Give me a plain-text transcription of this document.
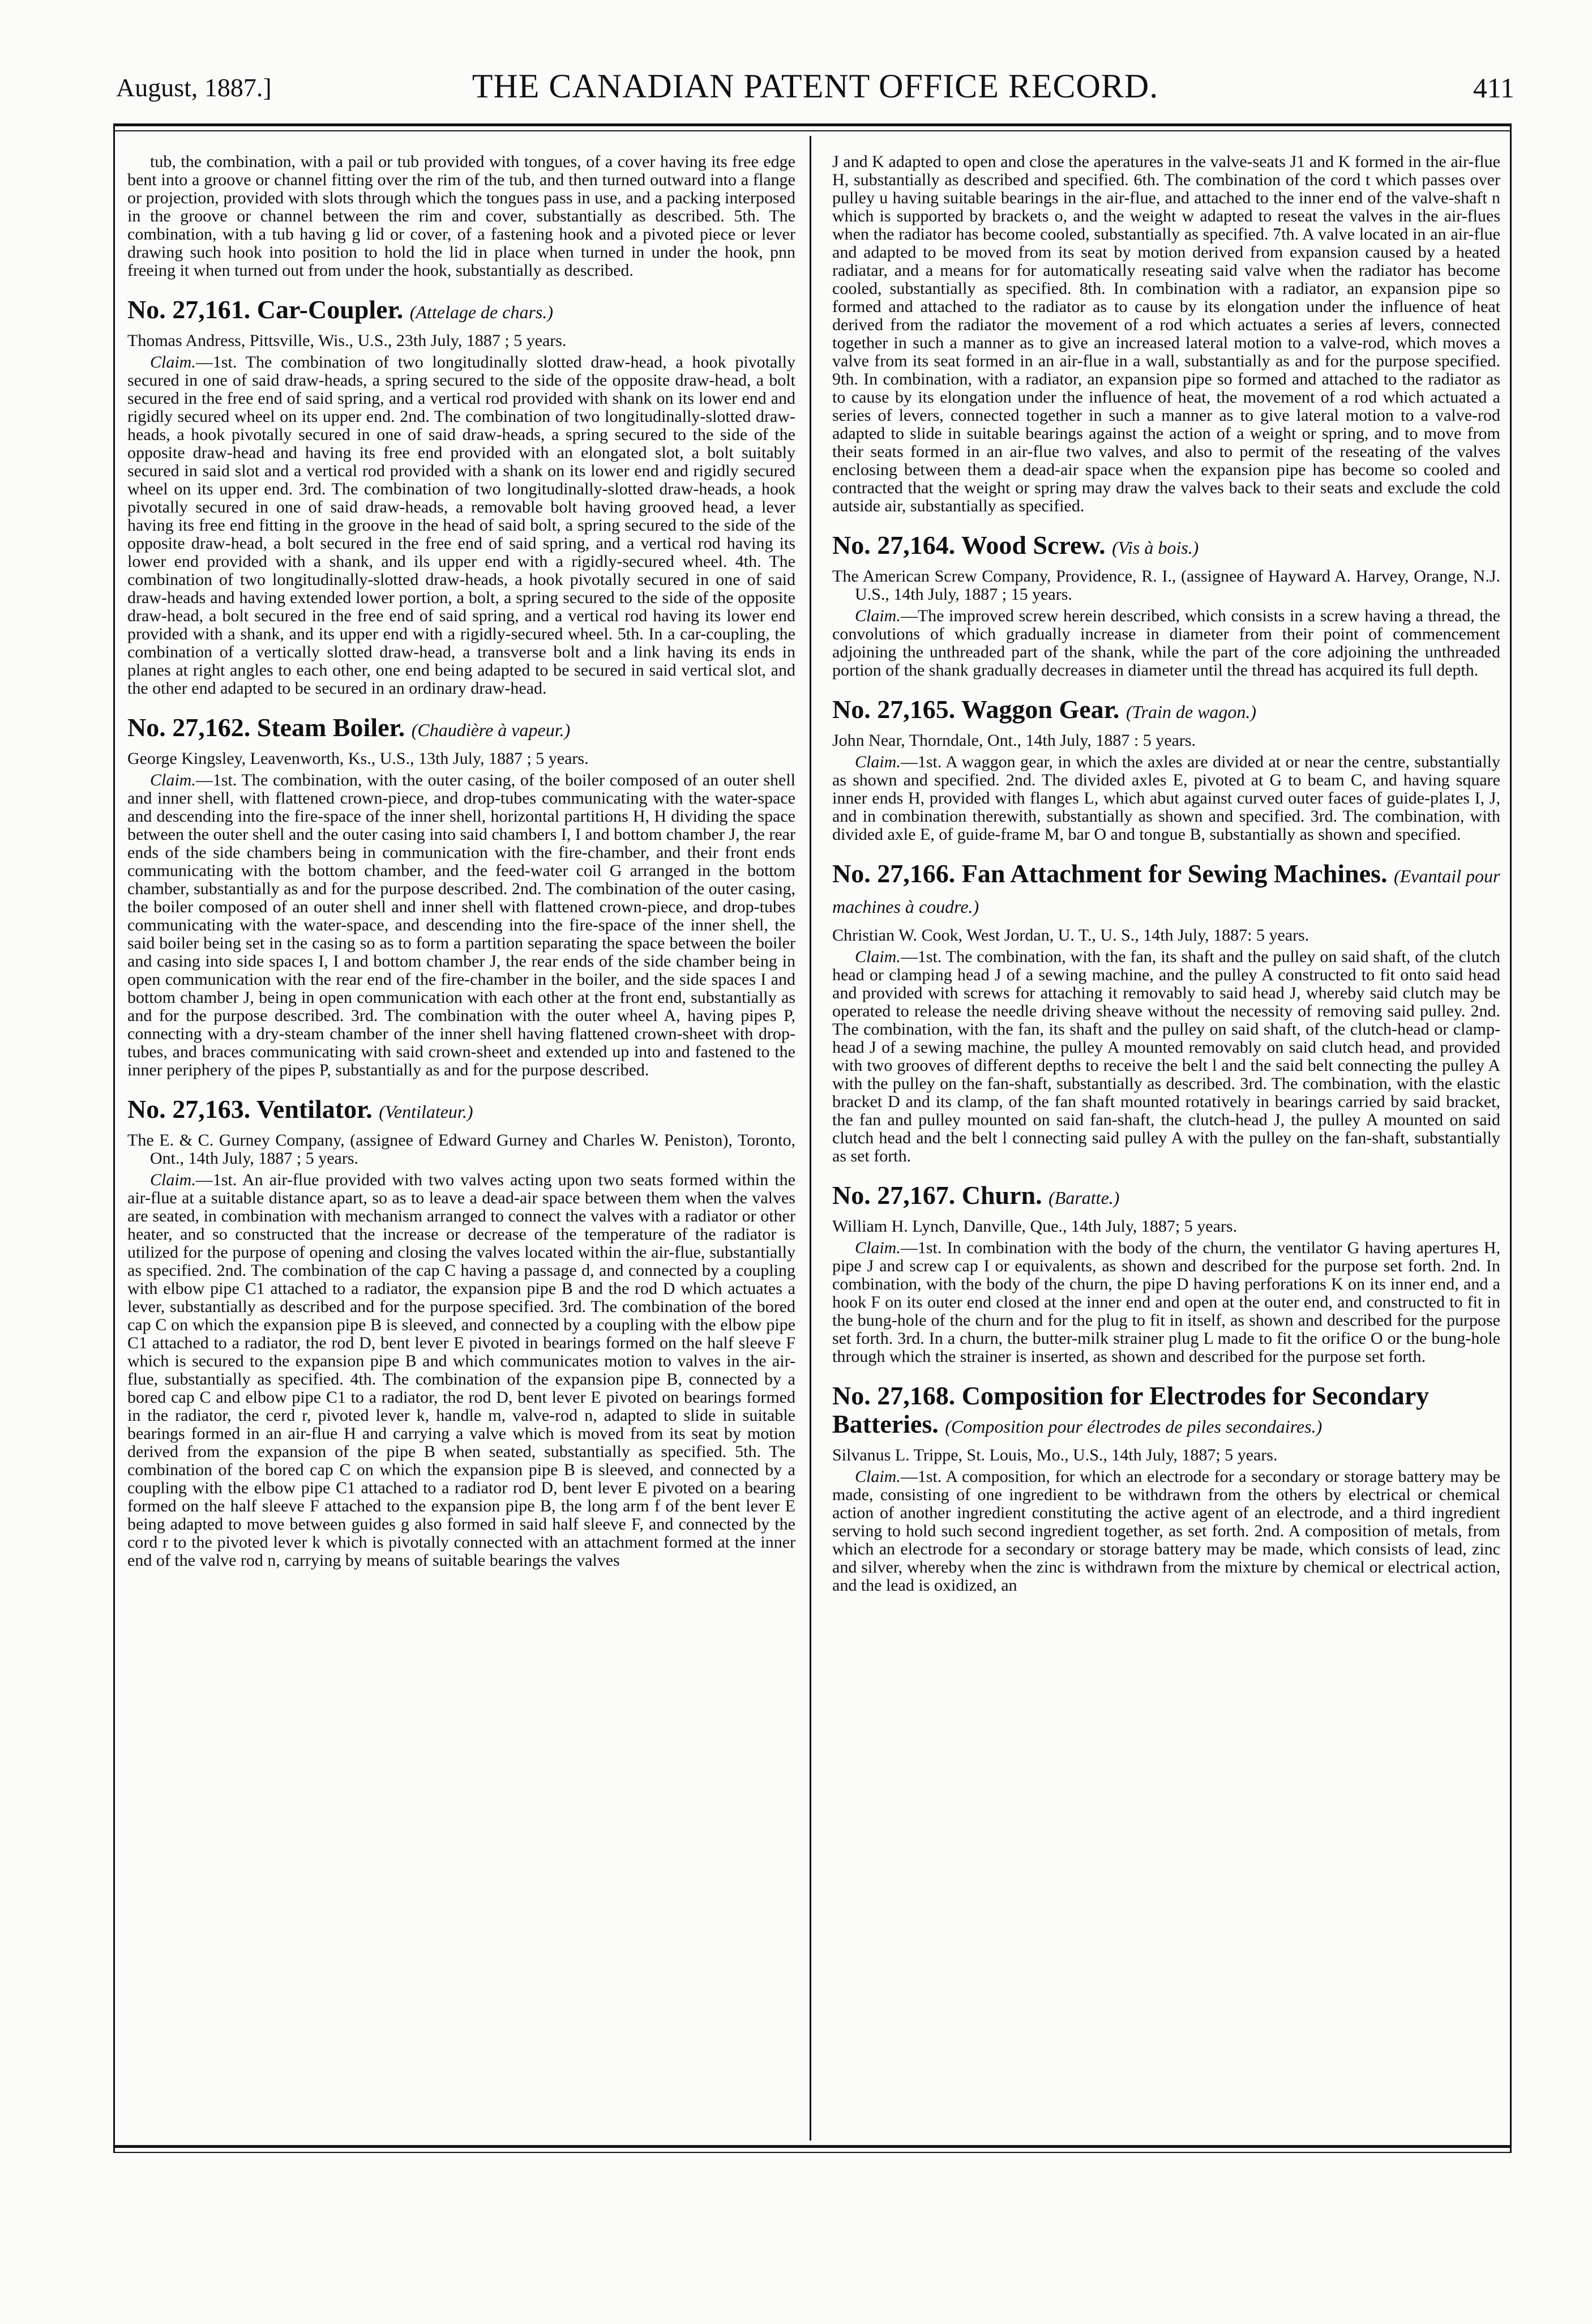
August, 1887.]	THE CANADIAN PATENT OFFICE RECORD.	411

tub, the combination, with a pail or tub provided with tongues, of a cover having its free edge bent into a groove or channel fitting over the rim of the tub, and then turned outward into a flange or projection, provided with slots through which the tongues pass in use, and a packing interposed in the groove or channel between the rim and cover, substantially as described. 5th. The combination, with a tub having g lid or cover, of a fastening hook and a pivoted piece or lever drawing such hook into position to hold the lid in place when turned in under the hook, pnn freeing it when turned out from under the hook, substantially as described.

No. 27,161. Car-Coupler. (Attelage de chars.)

Thomas Andress, Pittsville, Wis., U.S., 23th July, 1887 ; 5 years.

Claim.—1st. The combination of two longitudinally slotted draw-head, a hook pivotally secured in one of said draw-heads, a spring secured to the side of the opposite draw-head, a bolt secured in the free end of said spring, and a vertical rod provided with shank on its lower end and rigidly secured wheel on its upper end. 2nd. The combination of two longitudinally-slotted draw-heads, a hook pivotally secured in one of said draw-heads, a spring secured to the side of the opposite draw-head and having its free end provided with an elongated slot, a bolt suitably secured in said slot and a vertical rod provided with a shank on its lower end and rigidly secured wheel on its upper end. 3rd. The combination of two longitudinally-slotted draw-heads, a hook pivotally secured in one of said draw-heads, a removable bolt having grooved head, a lever having its free end fitting in the groove in the head of said bolt, a spring secured to the side of the opposite draw-head, a bolt secured in the free end of said spring, and a vertical rod having its lower end provided with a shank, and ils upper end with a rigidly-secured wheel. 4th. The combination of two longitudinally-slotted draw-heads, a hook pivotally secured in one of said draw-heads and having extended lower portion, a bolt, a spring secured to the side of the opposite draw-head, a bolt secured in the free end of said spring, and a vertical rod having its lower end provided with a shank, and its upper end with a rigidly-secured wheel. 5th. In a car-coupling, the combination of a vertically slotted draw-head, a transverse bolt and a link having its ends in planes at right angles to each other, one end being adapted to be secured in said vertical slot, and the other end adapted to be secured in an ordinary draw-head.

No. 27,162. Steam Boiler. (Chaudière à vapeur.)

George Kingsley, Leavenworth, Ks., U.S., 13th July, 1887 ; 5 years.

Claim.—1st. The combination, with the outer casing, of the boiler composed of an outer shell and inner shell, with flattened crown-piece, and drop-tubes communicating with the water-space and descending into the fire-space of the inner shell, horizontal partitions H, H dividing the space between the outer shell and the outer casing into said chambers I, I and bottom chamber J, the rear ends of the side chambers being in communication with the fire-chamber, and their front ends communicating with the bottom chamber, and the feed-water coil G arranged in the bottom chamber, substantially as and for the purpose described. 2nd. The combination of the outer casing, the boiler composed of an outer shell and inner shell with flattened crown-piece, and drop-tubes communicating with the water-space, and descending into the fire-space of the inner shell, the said boiler being set in the casing so as to form a partition separating the space between the boiler and casing into side spaces I, I and bottom chamber J, the rear ends of the side chamber being in open communication with the rear end of the fire-chamber in the boiler, and the side spaces I and bottom chamber J, being in open communication with each other at the front end, substantially as and for the purpose described. 3rd. The combination with the outer wheel A, having pipes P, connecting with a dry-steam chamber of the inner shell having flattened crown-sheet with drop-tubes, and braces communicating with said crown-sheet and extended up into and fastened to the inner periphery of the pipes P, substantially as and for the purpose described.

No. 27,163. Ventilator. (Ventilateur.)

The E. & C. Gurney Company, (assignee of Edward Gurney and Charles W. Peniston), Toronto, Ont., 14th July, 1887 ; 5 years.

Claim.—1st. An air-flue provided with two valves acting upon two seats formed within the air-flue at a suitable distance apart, so as to leave a dead-air space between them when the valves are seated, in combination with mechanism arranged to connect the valves with a radiator or other heater, and so constructed that the increase or decrease of the temperature of the radiator is utilized for the purpose of opening and closing the valves located within the air-flue, substantially as specified. 2nd. The combination of the cap C having a passage d, and connected by a coupling with elbow pipe C1 attached to a radiator, the expansion pipe B and the rod D which actuates a lever, substantially as described and for the purpose specified. 3rd. The combination of the bored cap C on which the expansion pipe B is sleeved, and connected by a coupling with the elbow pipe C1 attached to a radiator, the rod D, bent lever E pivoted in bearings formed on the half sleeve F which is secured to the expansion pipe B and which communicates motion to valves in the air-flue, substantially as specified. 4th. The combination of the expansion pipe B, connected by a bored cap C and elbow pipe C1 to a radiator, the rod D, bent lever E pivoted on bearings formed in the radiator, the cerd r, pivoted lever k, handle m, valve-rod n, adapted to slide in suitable bearings formed in an air-flue H and carrying a valve which is moved from its seat by motion derived from the expansion of the pipe B when seated, substantially as specified. 5th. The combination of the bored cap C on which the expansion pipe B is sleeved, and connected by a coupling with the elbow pipe C1 attached to a radiator rod D, bent lever E pivoted on a bearing formed on the half sleeve F attached to the expansion pipe B, the long arm f of the bent lever E being adapted to move between guides g also formed in said half sleeve F, and connected by the cord r to the pivoted lever k which is pivotally connected with an attachment formed at the inner end of the valve rod n, carrying by means of suitable bearings the valves

J and K adapted to open and close the aperatures in the valve-seats J1 and K formed in the air-flue H, substantially as described and specified. 6th. The combination of the cord t which passes over pulley u having suitable bearings in the air-flue, and attached to the inner end of the valve-shaft n which is supported by brackets o, and the weight w adapted to reseat the valves in the air-flues when the radiator has become cooled, substantially as specified. 7th. A valve located in an air-flue and adapted to be moved from its seat by motion derived from expansion caused by a heated radiatar, and a means for for automatically reseating said valve when the radiator has become cooled, substantially as specified. 8th. In combination with a radiator, an expansion pipe so formed and attached to the radiator as to cause by its elongation under the influence of heat derived from the radiator the movement of a rod which actuates a series af levers, connected together in such a manner as to give an increased lateral motion to a valve-rod, which moves a valve from its seat formed in an air-flue in a wall, substantially as and for the purpose specified. 9th. In combination, with a radiator, an expansion pipe so formed and attached to the radiator as to cause by its elongation under the influence of heat, the movement of a rod which actuated a series of levers, connected together in such a manner as to give lateral motion to a valve-rod adapted to slide in suitable bearings against the action of a weight or spring, and to move from their seats formed in an air-flue two valves, and also to permit of the reseating of the valves enclosing between them a dead-air space when the expansion pipe has become so cooled and contracted that the weight or spring may draw the valves back to their seats and exclude the cold autside air, substantially as specified.

No. 27,164. Wood Screw. (Vis à bois.)

The American Screw Company, Providence, R. I., (assignee of Hayward A. Harvey, Orange, N.J. U.S., 14th July, 1887 ; 15 years.

Claim.—The improved screw herein described, which consists in a screw having a thread, the convolutions of which gradually increase in diameter from their point of commencement adjoining the unthreaded part of the shank, while the part of the core adjoining the unthreaded portion of the shank gradually decreases in diameter until the thread has acquired its full depth.

No. 27,165. Waggon Gear. (Train de wagon.)

John Near, Thorndale, Ont., 14th July, 1887 : 5 years.

Claim.—1st. A waggon gear, in which the axles are divided at or near the centre, substantially as shown and specified. 2nd. The divided axles E, pivoted at G to beam C, and having square inner ends H, provided with flanges L, which abut against curved outer faces of guide-plates I, J, and in combination therewith, substantially as shown and specified. 3rd. The combination, with divided axle E, of guide-frame M, bar O and tongue B, substantially as shown and specified.

No. 27,166. Fan Attachment for Sewing Machines. (Evantail pour machines à coudre.)

Christian W. Cook, West Jordan, U. T., U. S., 14th July, 1887: 5 years.

Claim.—1st. The combination, with the fan, its shaft and the pulley on said shaft, of the clutch head or clamping head J of a sewing machine, and the pulley A constructed to fit onto said head and provided with screws for attaching it removably to said head J, whereby said clutch may be operated to release the needle driving sheave without the necessity of removing said pulley. 2nd. The combination, with the fan, its shaft and the pulley on said shaft, of the clutch-head or clamp-head J of a sewing machine, the pulley A mounted removably on said clutch head, and provided with two grooves of different depths to receive the belt l and the said belt connecting the pulley A with the pulley on the fan-shaft, substantially as described. 3rd. The combination, with the elastic bracket D and its clamp, of the fan shaft mounted rotatively in bearings carried by said bracket, the fan and pulley mounted on said fan-shaft, the clutch-head J, the pulley A mounted on said clutch head and the belt l connecting said pulley A with the pulley on the fan-shaft, substantially as set forth.

No. 27,167. Churn. (Baratte.)

William H. Lynch, Danville, Que., 14th July, 1887; 5 years.

Claim.—1st. In combination with the body of the churn, the ventilator G having apertures H, pipe J and screw cap I or equivalents, as shown and described for the purpose set forth. 2nd. In combination, with the body of the churn, the pipe D having perforations K on its inner end, and a hook F on its outer end closed at the inner end and open at the outer end, and constructed to fit in the bung-hole of the churn and for the plug to fit in itself, as shown and described for the purpose set forth. 3rd. In a churn, the butter-milk strainer plug L made to fit the orifice O or the bung-hole through which the strainer is inserted, as shown and described for the purpose set forth.

No. 27,168. Composition for Electrodes for Secondary Batteries. (Composition pour électrodes de piles secondaires.)

Silvanus L. Trippe, St. Louis, Mo., U.S., 14th July, 1887; 5 years.

Claim.—1st. A composition, for which an electrode for a secondary or storage battery may be made, consisting of one ingredient to be withdrawn from the others by electrical or chemical action of another ingredient constituting the active agent of an electrode, and a third ingredient serving to hold such second ingredient together, as set forth. 2nd. A composition of metals, from which an electrode for a secondary or storage battery may be made, which consists of lead, zinc and silver, whereby when the zinc is withdrawn from the mixture by chemical or electrical action, and the lead is oxidized, an
